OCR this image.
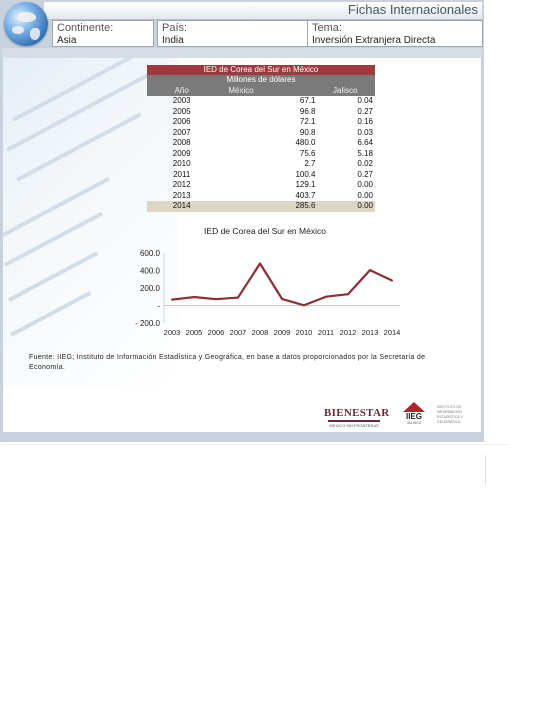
Fichas Internacionales
Continente:
Asia
País:
India
Tema:
Inversión Extranjera Directa
IED de Corea del Sur en México
Millones de dólares
Año	México	Jalisco
2003	67.1	0.04
2005	96.8	0.27
2006	72.1	0.16
2007	90.8	0.03
2008	480.0	6.64
2009	75.6	5.18
2010	2.7	0.02
2011	100.4	0.27
2012	129.1	0.00
2013	403.7	0.00
2014	285.6	0.00
IED de Corea del Sur en México
600.0
400.0
200.0
-
- 200.0
2003 2005 2006 2007 2008 2009 2010 2011 2012 2013 2014
Fuente: IIEG; Instituto de Información Estadística y Geográfica, en base a datos proporcionados por la Secretaría de Economía.
BIENESTAR
MEXICO SIN FRONTERAS
IIEG
JALISCO
INSTITUTO DE INFORMACIÓN ESTADÍSTICA Y GEOGRÁFICA
